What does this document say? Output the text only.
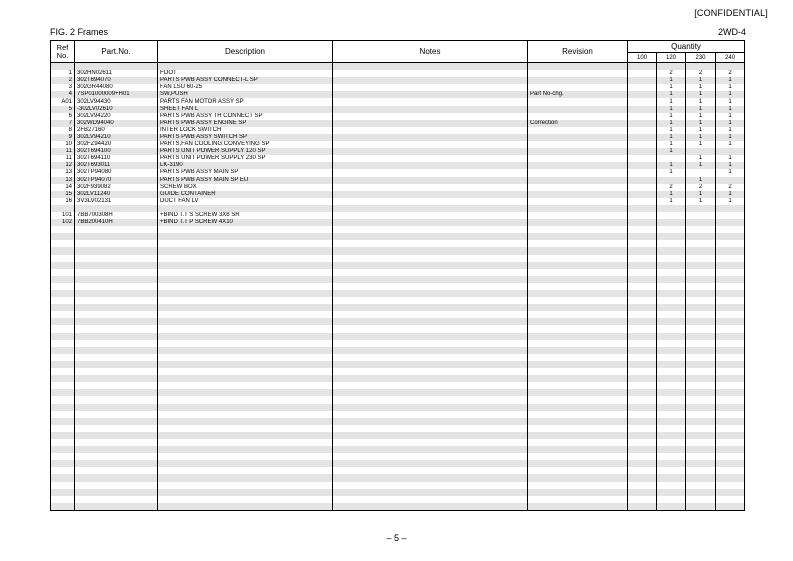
[CONFIDENTIAL]
FIG. 2 Frames	2WD-4
Ref
No.	Part.No.	Description	Notes	Revision	Quantity			
					100	120	230	240

1	302HN02611	FOOT				2	2	2
2	302T694070	PARTS PWB ASSY CONNECT-L SP				1	1	1
3	302GR44080	FAN LSU 60-25				1	1	1
4	7SP01000009+H01	SW,PUSH		Part No-chg.		1	1	1
A01	302LV94430	PARTS FAN MOTOR ASSY SP				1	1	1
5	-302LV02610	SHEET FAN L				1	1	1
6	302LV94220	PARTS PWB ASSY TH CONNECT SP				1	1	1
7	302WD94040	PARTS PWB ASSY ENGINE SP		Correction		1	1	1
8	2FB27160	INTER LOCK SWITCH				1	1	1
9	302LV94210	PARTS PWB ASSY SWITCH SP				1	1	1
10	302FZ94420	PARTS,FAN COOLING CONVEYING SP				1	1	1
11	302T694100	PARTS UNIT POWER SUPPLY 120 SP				1		
11	302T694110	PARTS UNIT POWER SUPPLY 230 SP					1	1
12	302T693011	LK-3190				1	1	1
13	302TP94080	PARTS PWB ASSY MAIN SP				1		1
13	302TP94070	PARTS PWB ASSY MAIN SP EU					1	
14	302F939082	SCREW BOX				2	2	2
15	302LV11240	GUIDE CONTAINER				1	1	1
16	3V3LV02131	DUCT FAN LV				1	1	1

101	7BB700308H	+BIND T.T S SCREW 3X8 SR						
102	7BB200410H	+BIND T.T P SCREW 4X10						

– 5 –
